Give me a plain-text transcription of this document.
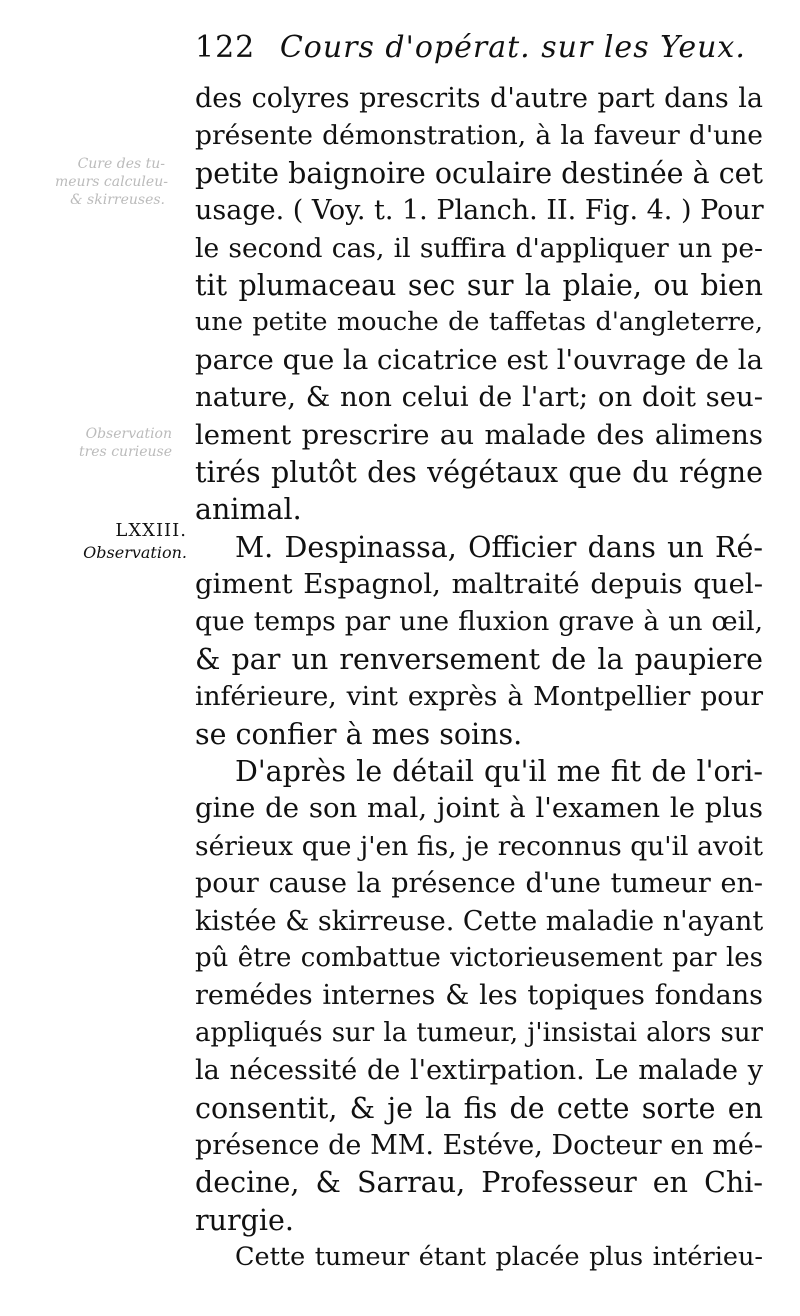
122 Cours d'opérat. sur les Yeux.
Cure des tu-
meurs calculeu-
& skirreuses.
Observation
tres curieuse
LXXIII.
Observation.
des colyres prescrits d'autre part dans la
présente démonstration, à la faveur d'une
petite baignoire oculaire destinée à cet
usage. ( Voy. t. 1. Planch. II. Fig. 4. ) Pour
le second cas, il suffira d'appliquer un pe-
tit plumaceau sec sur la plaie, ou bien
une petite mouche de taffetas d'angleterre,
parce que la cicatrice est l'ouvrage de la
nature, & non celui de l'art; on doit seu-
lement prescrire au malade des alimens
tirés plutôt des végétaux que du régne
animal.
M. Despinassa, Officier dans un Ré-
giment Espagnol, maltraité depuis quel-
que temps par une fluxion grave à un œil,
& par un renversement de la paupiere
inférieure, vint exprès à Montpellier pour
se confier à mes soins.
D'après le détail qu'il me fit de l'ori-
gine de son mal, joint à l'examen le plus
sérieux que j'en fis, je reconnus qu'il avoit
pour cause la présence d'une tumeur en-
kistée & skirreuse. Cette maladie n'ayant
pû être combattue victorieusement par les
remédes internes & les topiques fondans
appliqués sur la tumeur, j'insistai alors sur
la nécessité de l'extirpation. Le malade y
consentit, & je la fis de cette sorte en
présence de MM. Estéve, Docteur en mé-
decine, & Sarrau, Professeur en Chi-
rurgie.
Cette tumeur étant placée plus intérieu-
